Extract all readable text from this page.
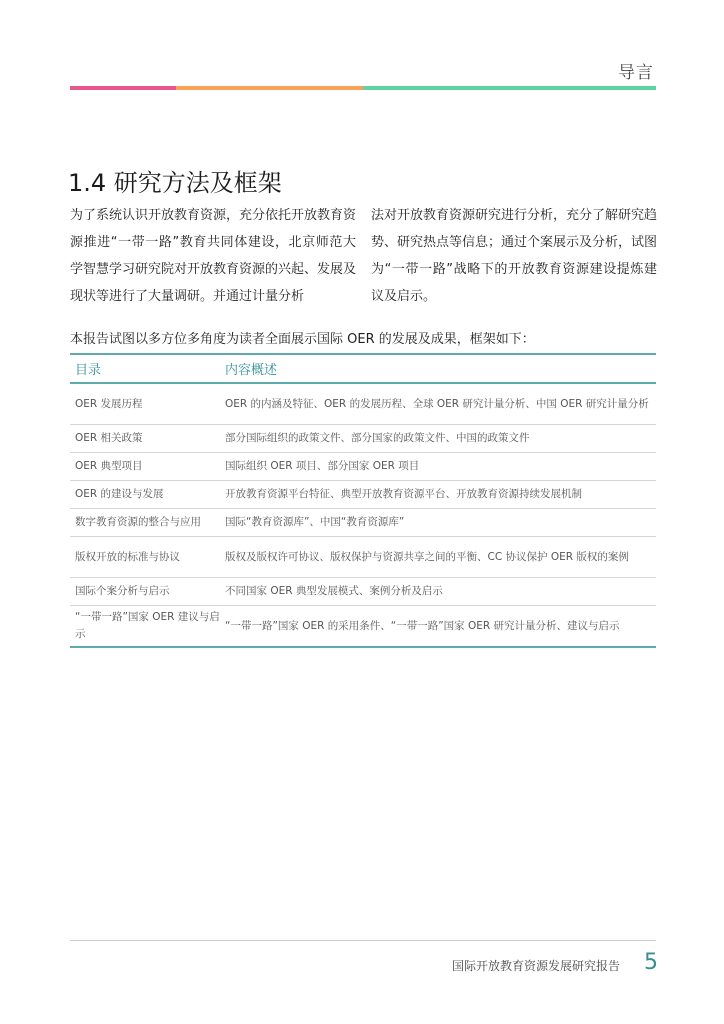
导言
1.4 研究方法及框架

为了系统认识开放教育资源，充分依托开放教育资源推进“一带一路”教育共同体建设，北京师范大学智慧学习研究院对开放教育资源的兴起、发展及现状等进行了大量调研。并通过计量分析

法对开放教育资源研究进行分析，充分了解研究趋势、研究热点等信息；通过个案展示及分析，试图为“一带一路”战略下的开放教育资源建设提炼建议及启示。

本报告试图以多方位多角度为读者全面展示国际 OER 的发展及成果，框架如下：

目录	内容概述
OER 发展历程	OER 的内涵及特征、OER 的发展历程、全球 OER 研究计量分析、中国 OER 研究计量分析
OER 相关政策	部分国际组织的政策文件、部分国家的政策文件、中国的政策文件
OER 典型项目	国际组织 OER 项目、部分国家 OER 项目
OER 的建设与发展	开放教育资源平台特征、典型开放教育资源平台、开放教育资源持续发展机制
数字教育资源的整合与应用	国际“教育资源库”、中国“教育资源库”
版权开放的标准与协议	版权及版权许可协议、版权保护与资源共享之间的平衡、CC 协议保护 OER 版权的案例
国际个案分析与启示	不同国家 OER 典型发展模式、案例分析及启示
“一带一路”国家 OER 建议与启示	“一带一路”国家 OER 的采用条件、“一带一路”国家 OER 研究计量分析、建议与启示
国际开放教育资源发展研究报告 5
